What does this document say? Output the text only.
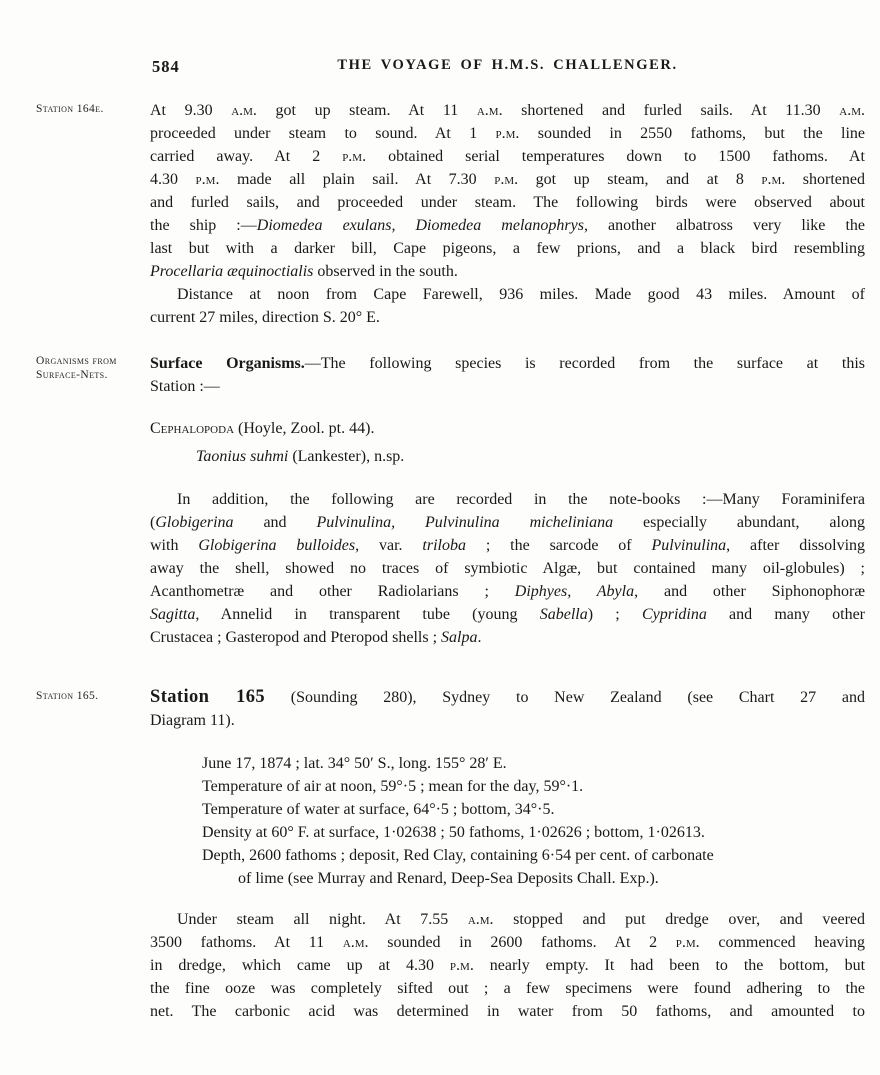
584	THE VOYAGE OF H.M.S. CHALLENGER.
Station 164e.	At 9.30 a.m. got up steam. At 11 a.m. shortened and furled sails. At 11.30 a.m.
proceeded under steam to sound. At 1 p.m. sounded in 2550 fathoms, but the line
carried away. At 2 p.m. obtained serial temperatures down to 1500 fathoms. At
4.30 p.m. made all plain sail. At 7.30 p.m. got up steam, and at 8 p.m. shortened
and furled sails, and proceeded under steam. The following birds were observed about
the ship :—Diomedea exulans, Diomedea melanophrys, another albatross very like the
last but with a darker bill, Cape pigeons, a few prions, and a black bird resembling
Procellaria æquinoctialis observed in the south.
Distance at noon from Cape Farewell, 936 miles. Made good 43 miles. Amount of
current 27 miles, direction S. 20° E.
Organisms from Surface-Nets.
Surface Organisms.—The following species is recorded from the surface at this
Station :—
Cephalopoda (Hoyle, Zool. pt. 44).
Taonius suhmi (Lankester), n.sp.
In addition, the following are recorded in the note-books :—Many Foraminifera
(Globigerina and Pulvinulina, Pulvinulina micheliniana especially abundant, along
with Globigerina bulloides, var. triloba ; the sarcode of Pulvinulina, after dissolving
away the shell, showed no traces of symbiotic Algæ, but contained many oil-globules) ;
Acanthometræ and other Radiolarians ; Diphyes, Abyla, and other Siphonophoræ
Sagitta, Annelid in transparent tube (young Sabella) ; Cypridina and many other
Crustacea ; Gasteropod and Pteropod shells ; Salpa.
Station 165.	Station 165 (Sounding 280), Sydney to New Zealand (see Chart 27 and
Diagram 11).
June 17, 1874 ; lat. 34° 50′ S., long. 155° 28′ E.
Temperature of air at noon, 59°·5 ; mean for the day, 59°·1.
Temperature of water at surface, 64°·5 ; bottom, 34°·5.
Density at 60° F. at surface, 1·02638 ; 50 fathoms, 1·02626 ; bottom, 1·02613.
Depth, 2600 fathoms ; deposit, Red Clay, containing 6·54 per cent. of carbonate
of lime (see Murray and Renard, Deep-Sea Deposits Chall. Exp.).
Under steam all night. At 7.55 a.m. stopped and put dredge over, and veered
3500 fathoms. At 11 a.m. sounded in 2600 fathoms. At 2 p.m. commenced heaving
in dredge, which came up at 4.30 p.m. nearly empty. It had been to the bottom, but
the fine ooze was completely sifted out ; a few specimens were found adhering to the
net. The carbonic acid was determined in water from 50 fathoms, and amounted to
